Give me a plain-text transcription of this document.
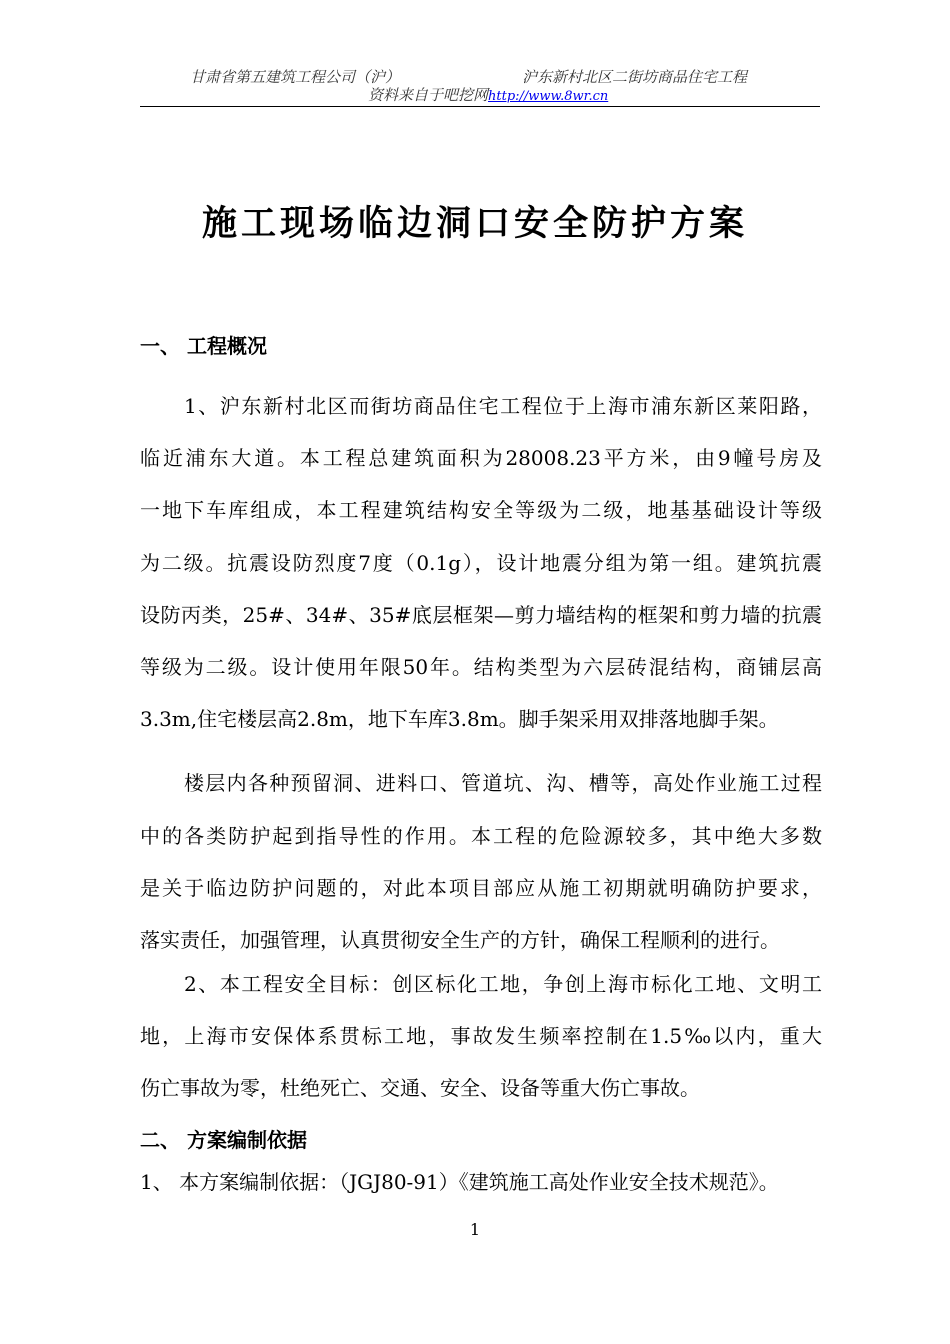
甘肃省第五建筑工程公司（沪）	沪东新村北区二街坊商品住宅工程
资料来自于吧挖网http://www.8wr.cn
施工现场临边洞口安全防护方案
一、 工程概况
1、沪东新村北区而街坊商品住宅工程位于上海市浦东新区莱阳路，
临近浦东大道。本工程总建筑面积为28008.23平方米，由9幢号房及
一地下车库组成，本工程建筑结构安全等级为二级，地基基础设计等级
为二级。抗震设防烈度7度（0.1g），设计地震分组为第一组。建筑抗震
设防丙类，25#、34#、35#底层框架—剪力墙结构的框架和剪力墙的抗震
等级为二级。设计使用年限50年。结构类型为六层砖混结构，商铺层高
3.3m,住宅楼层高2.8m，地下车库3.8m。脚手架采用双排落地脚手架。
楼层内各种预留洞、进料口、管道坑、沟、槽等，高处作业施工过程
中的各类防护起到指导性的作用。本工程的危险源较多，其中绝大多数
是关于临边防护问题的，对此本项目部应从施工初期就明确防护要求，
落实责任，加强管理，认真贯彻安全生产的方针，确保工程顺利的进行。
2、本工程安全目标：创区标化工地，争创上海市标化工地、文明工
地，上海市安保体系贯标工地，事故发生频率控制在1.5‰以内，重大
伤亡事故为零，杜绝死亡、交通、安全、设备等重大伤亡事故。
二、 方案编制依据
1、 本方案编制依据：（JGJ80-91）《建筑施工高处作业安全技术规范》。
1
